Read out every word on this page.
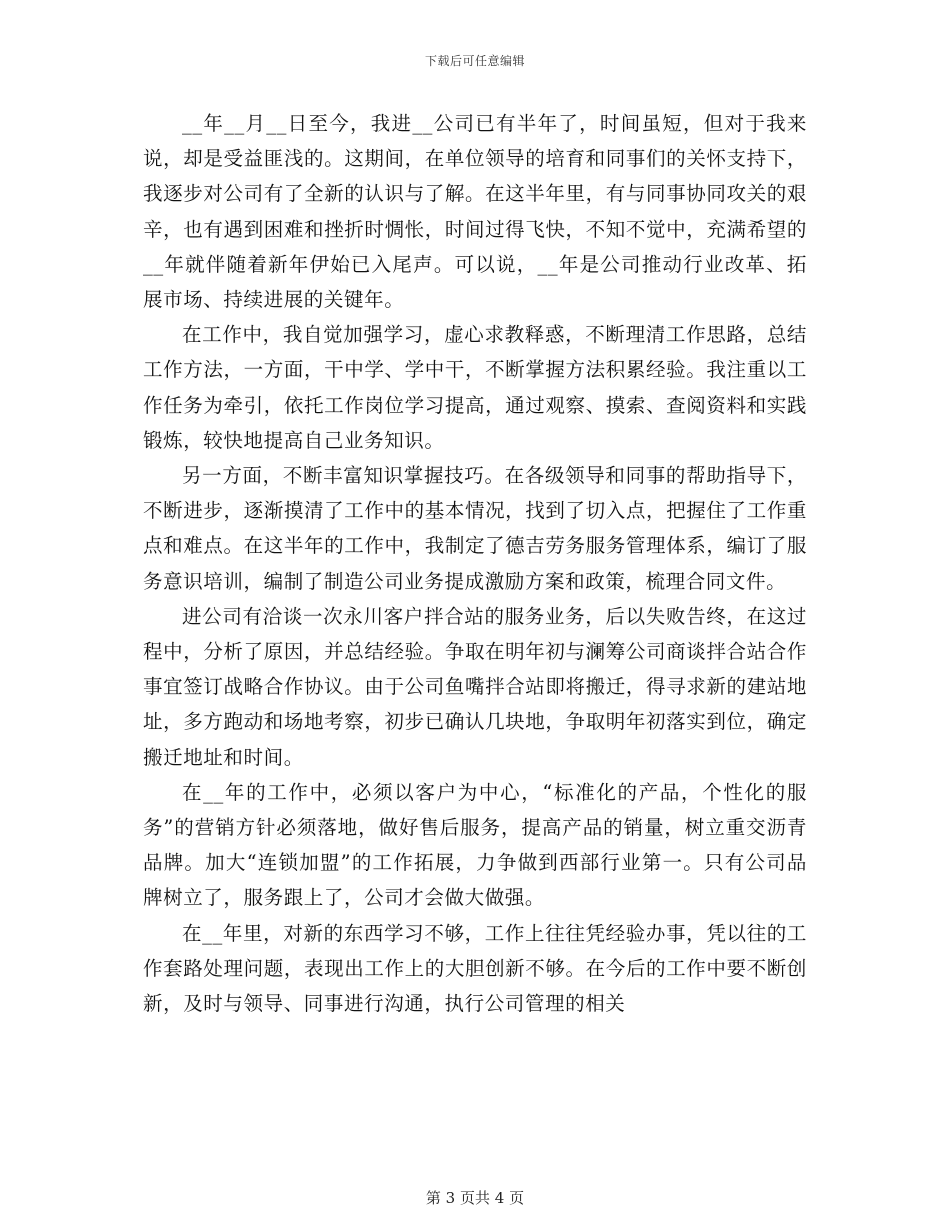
下载后可任意编辑

__年__月__日至今，我进__公司已有半年了，时间虽短，但对于我来说，却是受益匪浅的。这期间，在单位领导的培育和同事们的关怀支持下，我逐步对公司有了全新的认识与了解。在这半年里，有与同事协同攻关的艰辛，也有遇到困难和挫折时惆怅，时间过得飞快，不知不觉中，充满希望的__年就伴随着新年伊始已入尾声。可以说，__年是公司推动行业改革、拓展市场、持续进展的关键年。

在工作中，我自觉加强学习，虚心求教释惑，不断理清工作思路，总结工作方法，一方面，干中学、学中干，不断掌握方法积累经验。我注重以工作任务为牵引，依托工作岗位学习提高，通过观察、摸索、查阅资料和实践锻炼，较快地提高自己业务知识。

另一方面，不断丰富知识掌握技巧。在各级领导和同事的帮助指导下，不断进步，逐渐摸清了工作中的基本情况，找到了切入点，把握住了工作重点和难点。在这半年的工作中，我制定了德吉劳务服务管理体系，编订了服务意识培训，编制了制造公司业务提成激励方案和政策，梳理合同文件。

进公司有洽谈一次永川客户拌合站的服务业务，后以失败告终，在这过程中，分析了原因，并总结经验。争取在明年初与澜筹公司商谈拌合站合作事宜签订战略合作协议。由于公司鱼嘴拌合站即将搬迁，得寻求新的建站地址，多方跑动和场地考察，初步已确认几块地，争取明年初落实到位，确定搬迁地址和时间。

在__年的工作中，必须以客户为中心，“标准化的产品，个性化的服务”的营销方针必须落地，做好售后服务，提高产品的销量，树立重交沥青品牌。加大“连锁加盟”的工作拓展，力争做到西部行业第一。只有公司品牌树立了，服务跟上了，公司才会做大做强。

在__年里，对新的东西学习不够，工作上往往凭经验办事，凭以往的工作套路处理问题，表现出工作上的大胆创新不够。在今后的工作中要不断创新，及时与领导、同事进行沟通，执行公司管理的相关

第 3 页共 4 页
